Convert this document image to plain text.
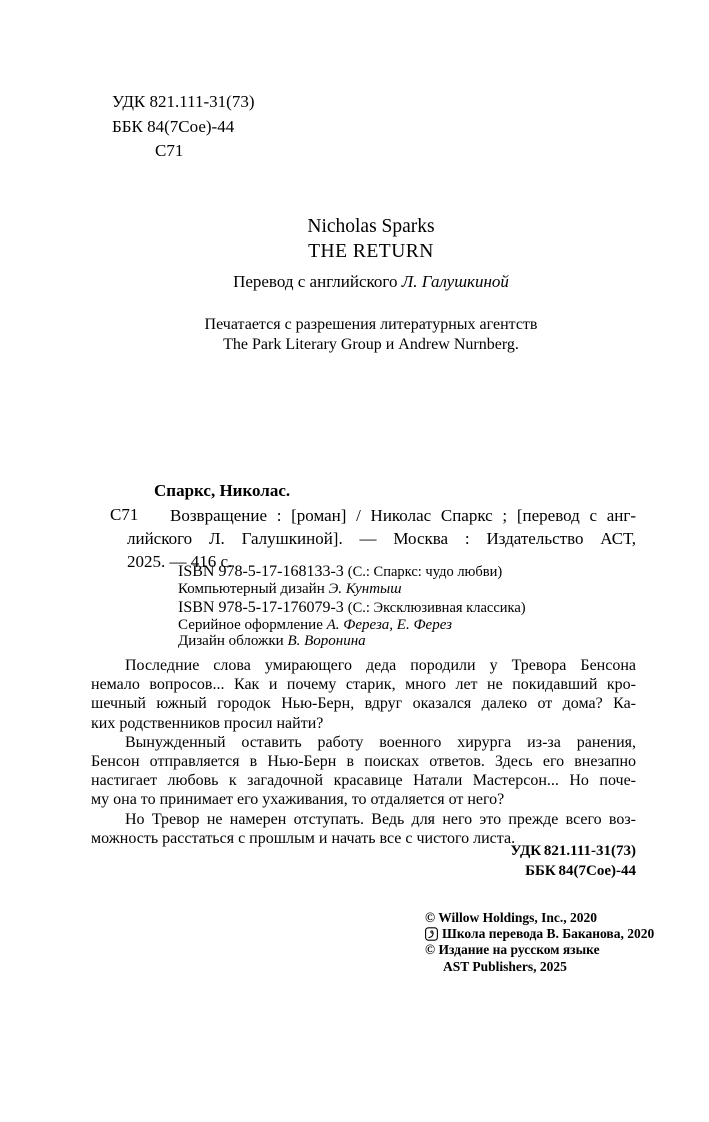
УДК 821.111-31(73)
ББК 84(7Сое)-44
С71
Nicholas Sparks
THE RETURN
Перевод с английского Л. Галушкиной
Печатается с разрешения литературных агентств
The Park Literary Group и Andrew Nurnberg.
Спаркс, Николас.
С71	Возвращение : [роман] / Николас Спаркс ; [перевод с анг-
лийского Л. Галушкиной]. — Москва : Издательство АСТ,
2025. — 416 с.
ISBN 978-5-17-168133-3 (С.: Спаркс: чудо любви)
Компьютерный дизайн Э. Кунтыш
ISBN 978-5-17-176079-3 (С.: Эксклюзивная классика)
Серийное оформление А. Фереза, Е. Ферез
Дизайн обложки В. Воронина
Последние слова умирающего деда породили у Тревора Бенсона
немало вопросов... Как и почему старик, много лет не покидавший кро-
шечный южный городок Нью-Берн, вдруг оказался далеко от дома? Ка-
ких родственников просил найти?
Вынужденный оставить работу военного хирурга из-за ранения,
Бенсон отправляется в Нью-Берн в поисках ответов. Здесь его внезапно
настигает любовь к загадочной красавице Натали Мастерсон... Но поче-
му она то принимает его ухаживания, то отдаляется от него?
Но Тревор не намерен отступать. Ведь для него это прежде всего воз-
можность расстаться с прошлым и начать все с чистого листа.
УДК 821.111-31(73)
ББК 84(7Сое)-44
© Willow Holdings, Inc., 2020
Школа перевода В. Баканова, 2020
© Издание на русском языке
AST Publishers, 2025
